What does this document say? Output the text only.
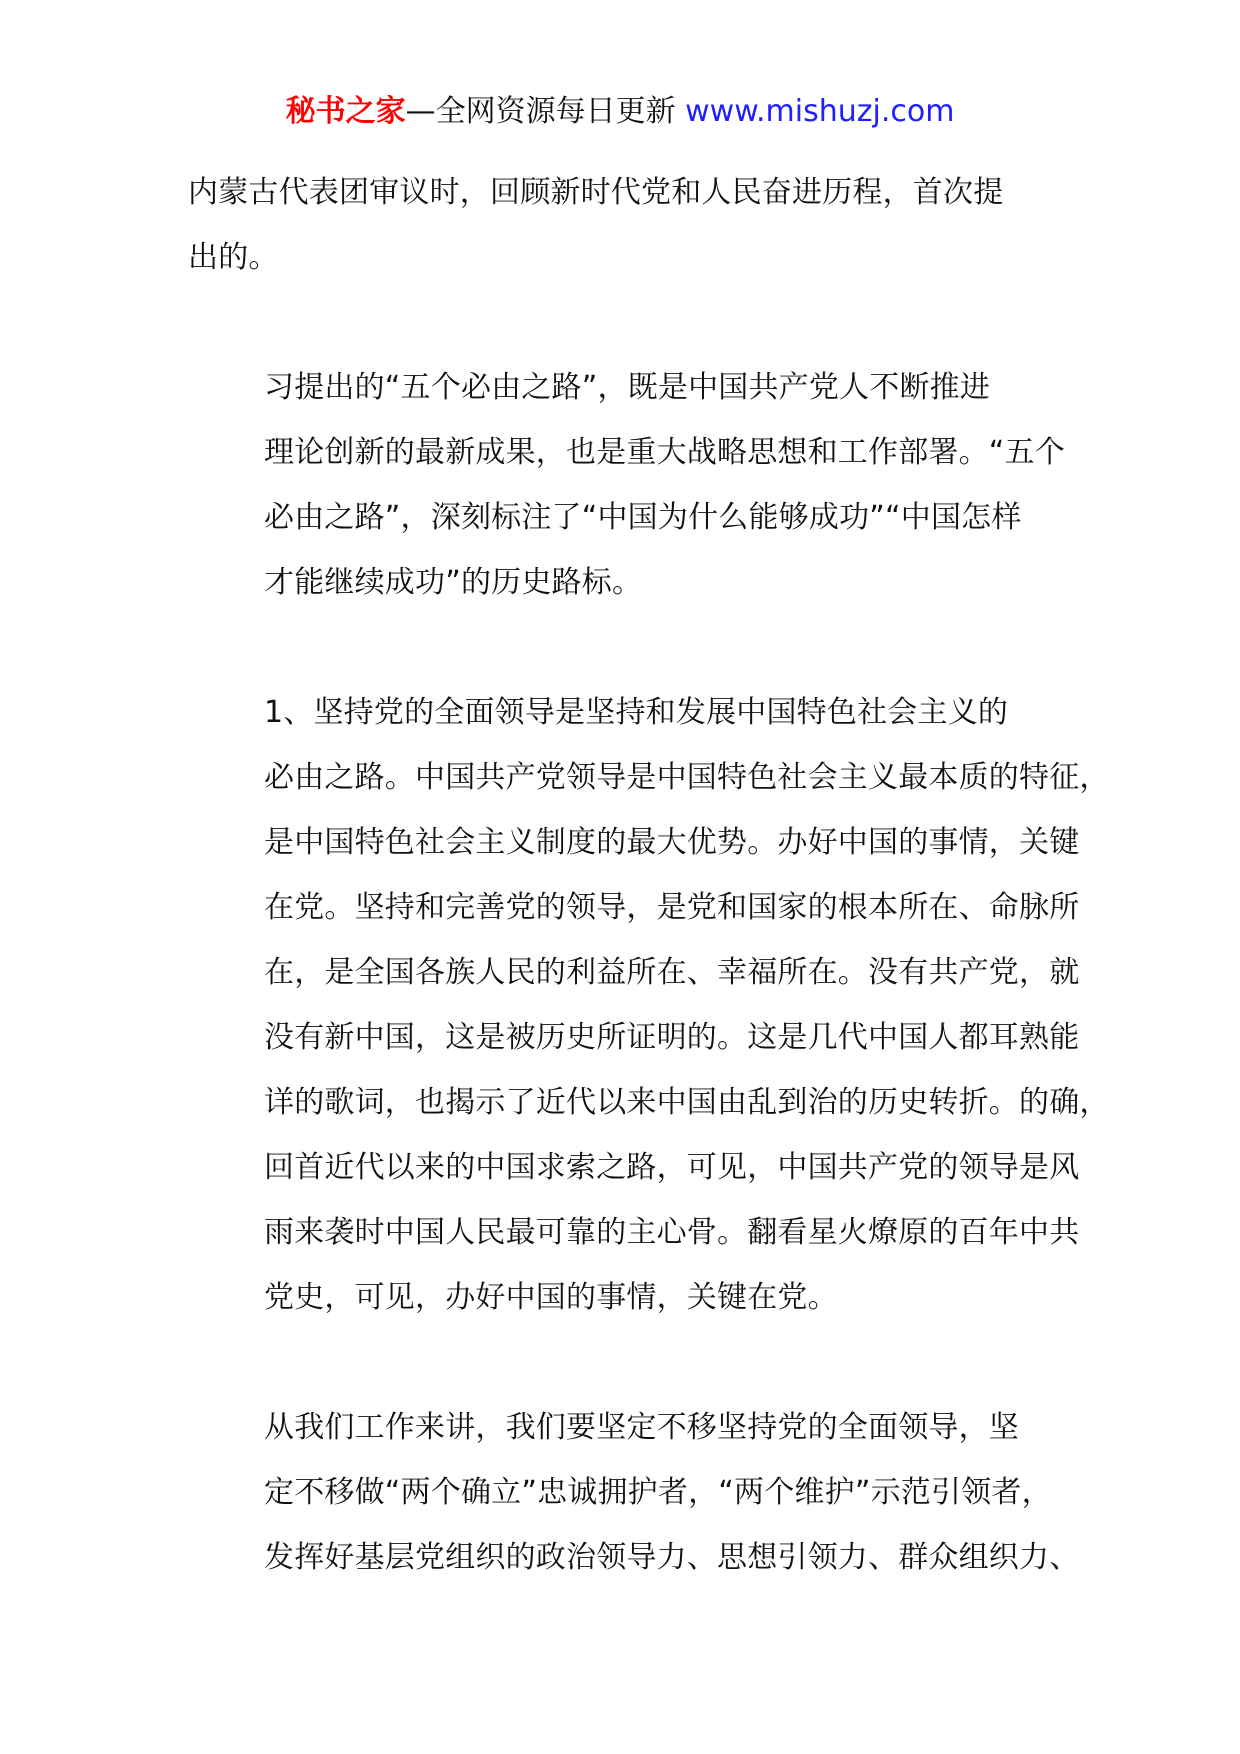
秘书之家—全网资源每日更新 www.mishuzj.com

内蒙古代表团审议时，回顾新时代党和人民奋进历程，首次提
出的。

习提出的“五个必由之路”，既是中国共产党人不断推进
理论创新的最新成果，也是重大战略思想和工作部署。“五个
必由之路”，深刻标注了“中国为什么能够成功”“中国怎样
才能继续成功”的历史路标。

1、坚持党的全面领导是坚持和发展中国特色社会主义的
必由之路。中国共产党领导是中国特色社会主义最本质的特征，
是中国特色社会主义制度的最大优势。办好中国的事情，关键
在党。坚持和完善党的领导，是党和国家的根本所在、命脉所
在，是全国各族人民的利益所在、幸福所在。没有共产党，就
没有新中国，这是被历史所证明的。这是几代中国人都耳熟能
详的歌词，也揭示了近代以来中国由乱到治的历史转折。的确，
回首近代以来的中国求索之路，可见，中国共产党的领导是风
雨来袭时中国人民最可靠的主心骨。翻看星火燎原的百年中共
党史，可见，办好中国的事情，关键在党。

从我们工作来讲，我们要坚定不移坚持党的全面领导，坚
定不移做“两个确立”忠诚拥护者，“两个维护”示范引领者，
发挥好基层党组织的政治领导力、思想引领力、群众组织力、
